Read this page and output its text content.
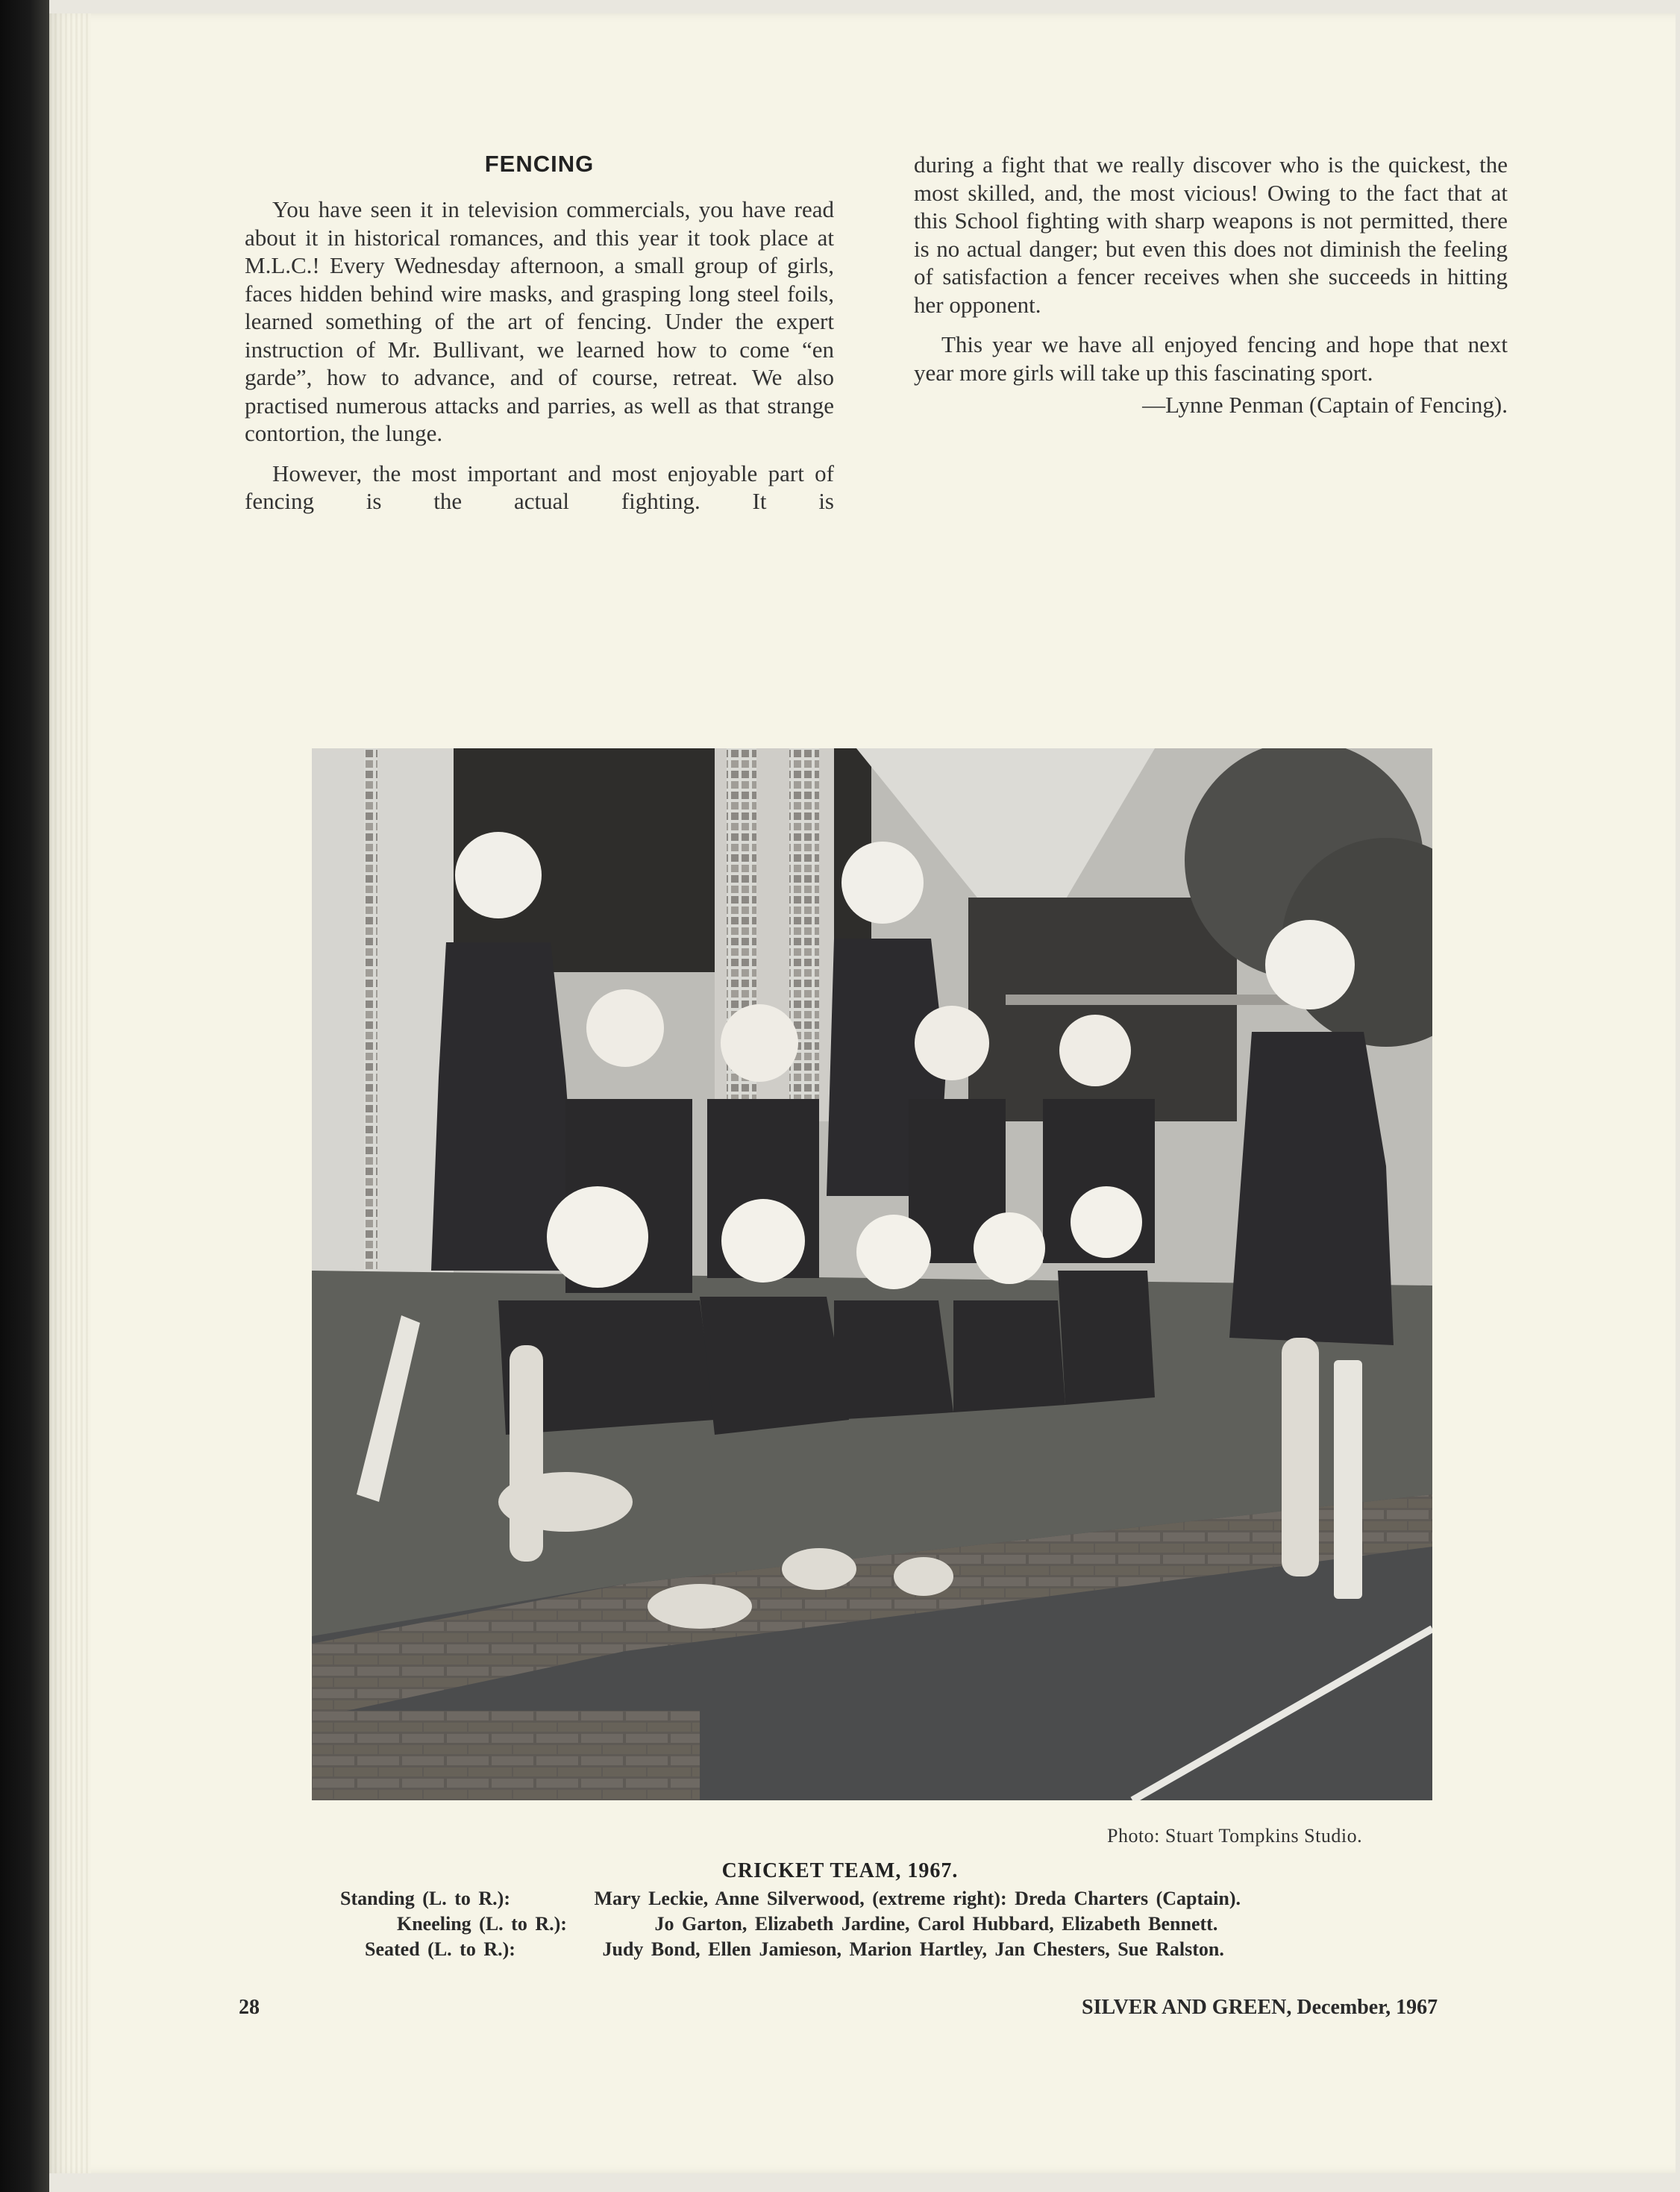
FENCING

You have seen it in television commercials, you have read about it in historical romances, and this year it took place at M.L.C.! Every Wednesday afternoon, a small group of girls, faces hidden behind wire masks, and grasping long steel foils, learned something of the art of fencing. Under the expert instruction of Mr. Bullivant, we learned how to come “en garde”, how to advance, and of course, retreat. We also practised numerous attacks and parries, as well as that strange contortion, the lunge.

However, the most important and most enjoyable part of fencing is the actual fighting. It is

during a fight that we really discover who is the quickest, the most skilled, and, the most vicious! Owing to the fact that at this School fighting with sharp weapons is not permitted, there is no actual danger; but even this does not diminish the feeling of satisfaction a fencer receives when she succeeds in hitting her opponent.

This year we have all enjoyed fencing and hope that next year more girls will take up this fascinating sport.

—Lynne Penman (Captain of Fencing).

Photo: Stuart Tompkins Studio.
CRICKET TEAM, 1967.
Standing (L. to R.):	Mary Leckie, Anne Silverwood, (extreme right): Dreda Charters (Captain).
Kneeling (L. to R.):	Jo Garton, Elizabeth Jardine, Carol Hubbard, Elizabeth Bennett.
Seated (L. to R.):	Judy Bond, Ellen Jamieson, Marion Hartley, Jan Chesters, Sue Ralston.
28	SILVER AND GREEN, December, 1967
